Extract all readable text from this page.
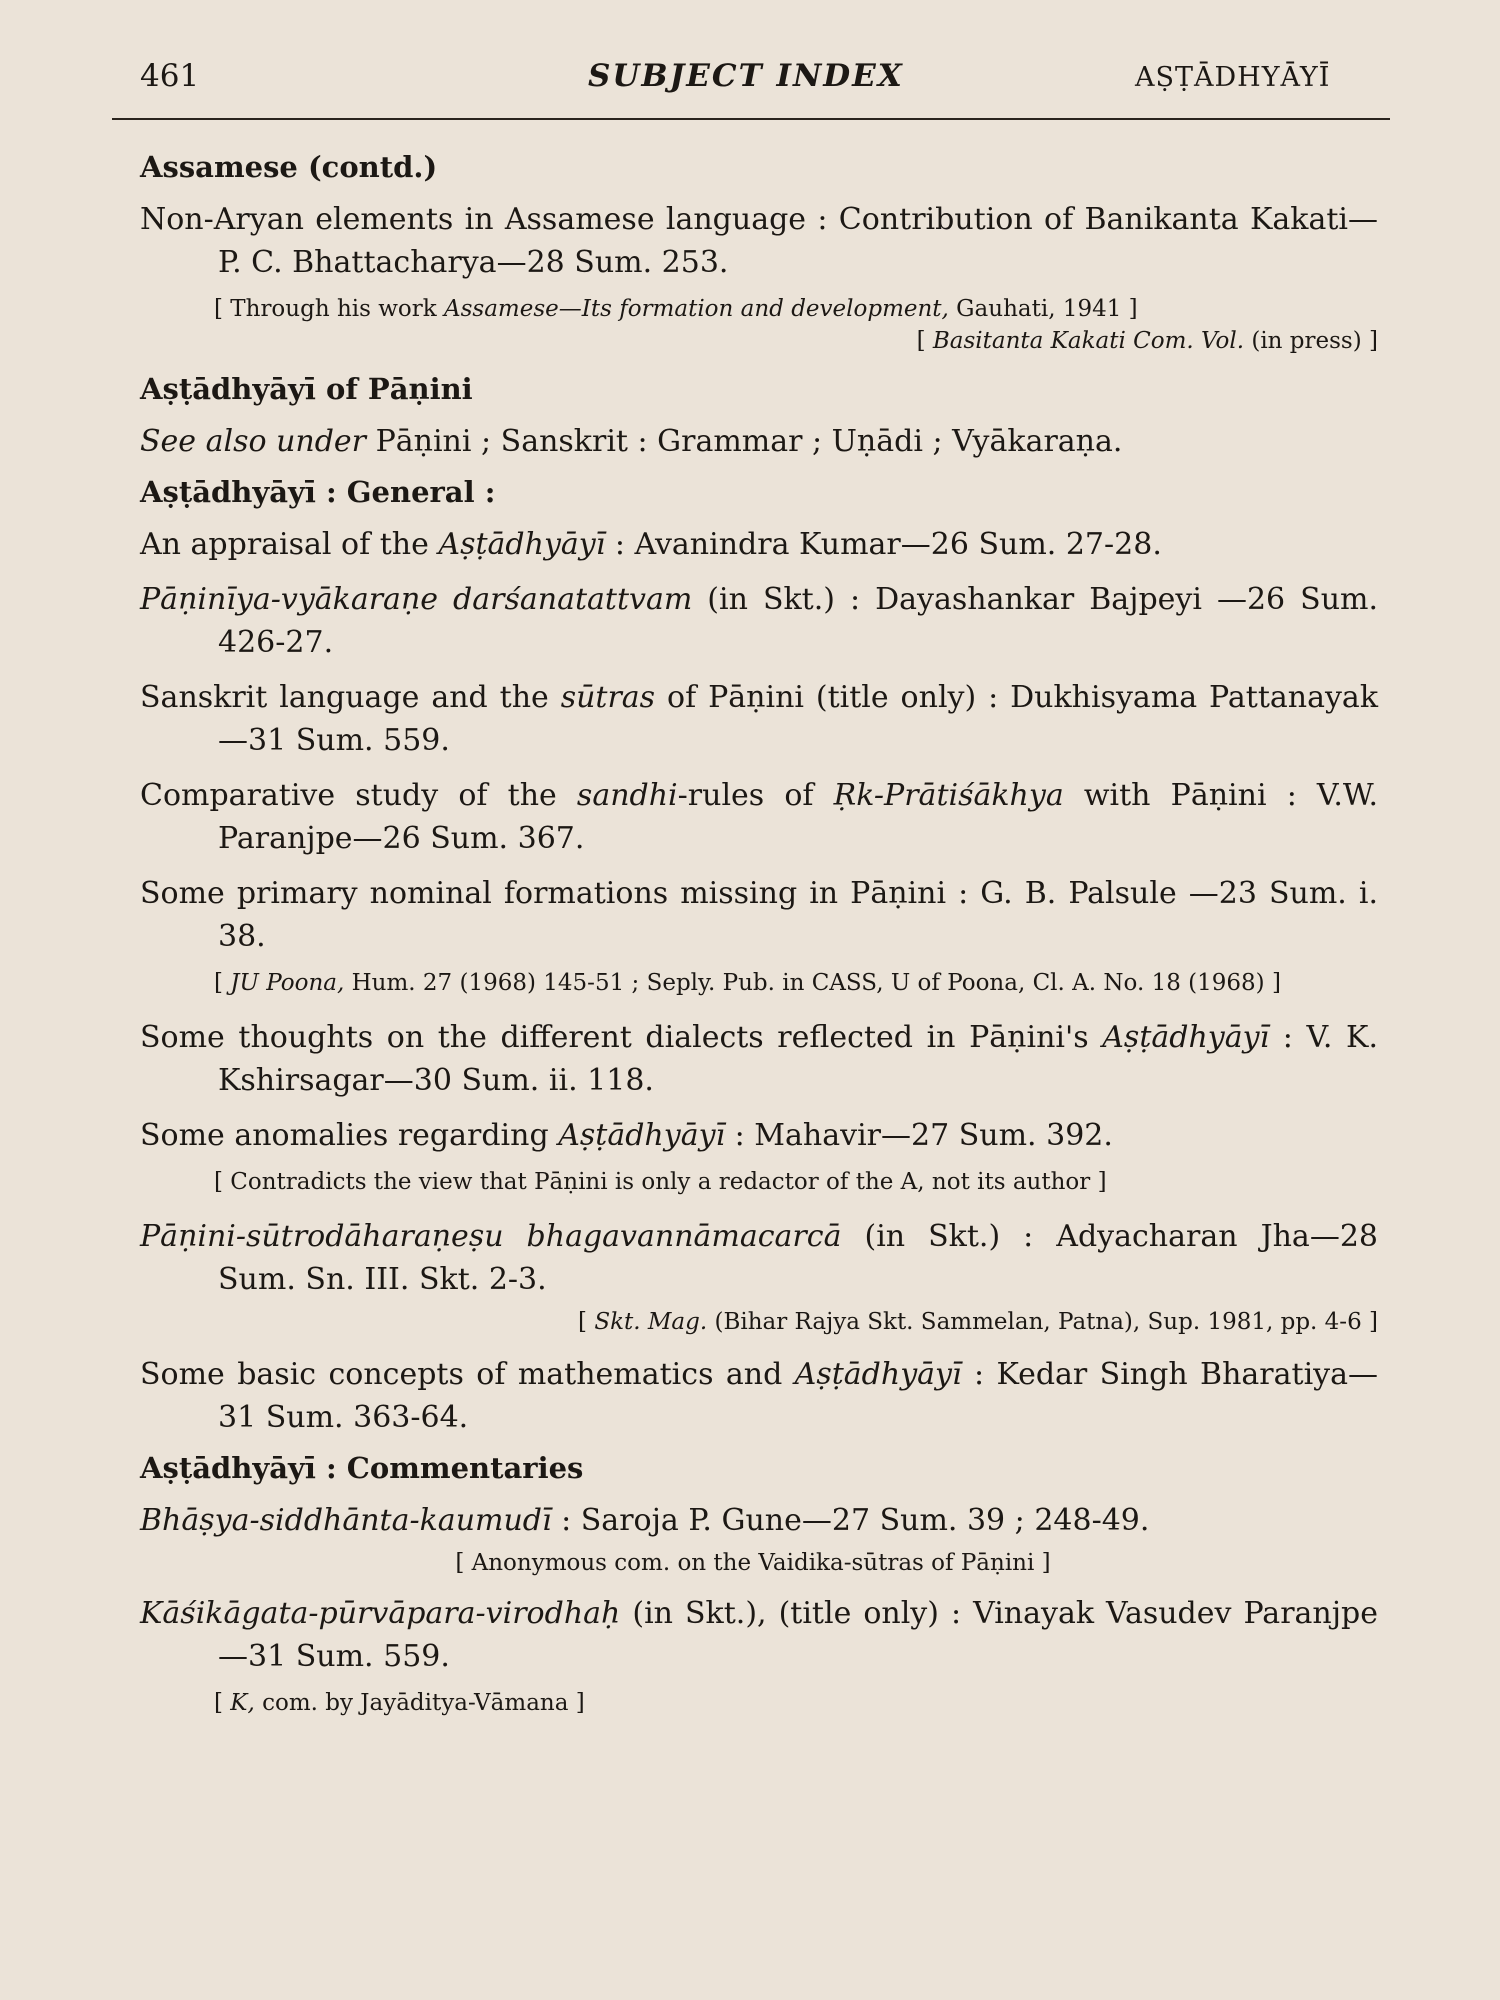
461	SUBJECT INDEX	AṢṬĀDHYĀYĪ
Assamese (contd.)

Non-Aryan elements in Assamese language : Contribution of Banikanta Kakati—P. C. Bhattacharya—28 Sum. 253.

[ Through his work Assamese—Its formation and development, Gauhati, 1941 ]

[ Basitanta Kakati Com. Vol. (in press) ]

Aṣṭādhyāyī of Pāṇini

See also under Pāṇini ; Sanskrit : Grammar ; Uṇādi ; Vyākaraṇa.

Aṣṭādhyāyī : General :

An appraisal of the Aṣṭādhyāyī : Avanindra Kumar—26 Sum. 27-28.

Pāṇinīya-vyākaraṇe darśanatattvam (in Skt.) : Dayashankar Bajpeyi —26 Sum. 426-27.

Sanskrit language and the sūtras of Pāṇini (title only) : Dukhisyama Pattanayak—31 Sum. 559.

Comparative study of the sandhi-rules of Ṛk-Prātiśākhya with Pāṇini : V.W. Paranjpe—26 Sum. 367.

Some primary nominal formations missing in Pāṇini : G. B. Palsule —23 Sum. i. 38.

[ JU Poona, Hum. 27 (1968) 145-51 ; Seply. Pub. in CASS, U of Poona, Cl. A. No. 18 (1968) ]

Some thoughts on the different dialects reflected in Pāṇini's Aṣṭādhyāyī : V. K. Kshirsagar—30 Sum. ii. 118.

Some anomalies regarding Aṣṭādhyāyī : Mahavir—27 Sum. 392.

[ Contradicts the view that Pāṇini is only a redactor of the A, not its author ]

Pāṇini-sūtrodāharaṇeṣu bhagavannāmacarcā (in Skt.) : Adyacharan Jha—28 Sum. Sn. III. Skt. 2-3.

[ Skt. Mag. (Bihar Rajya Skt. Sammelan, Patna), Sup. 1981, pp. 4-6 ]

Some basic concepts of mathematics and Aṣṭādhyāyī : Kedar Singh Bharatiya—31 Sum. 363-64.

Aṣṭādhyāyī : Commentaries

Bhāṣya-siddhānta-kaumudī : Saroja P. Gune—27 Sum. 39 ; 248-49.

[ Anonymous com. on the Vaidika-sūtras of Pāṇini ]

Kāśikāgata-pūrvāpara-virodhaḥ (in Skt.), (title only) : Vinayak Vasudev Paranjpe—31 Sum. 559.

[ K, com. by Jayāditya-Vāmana ]
